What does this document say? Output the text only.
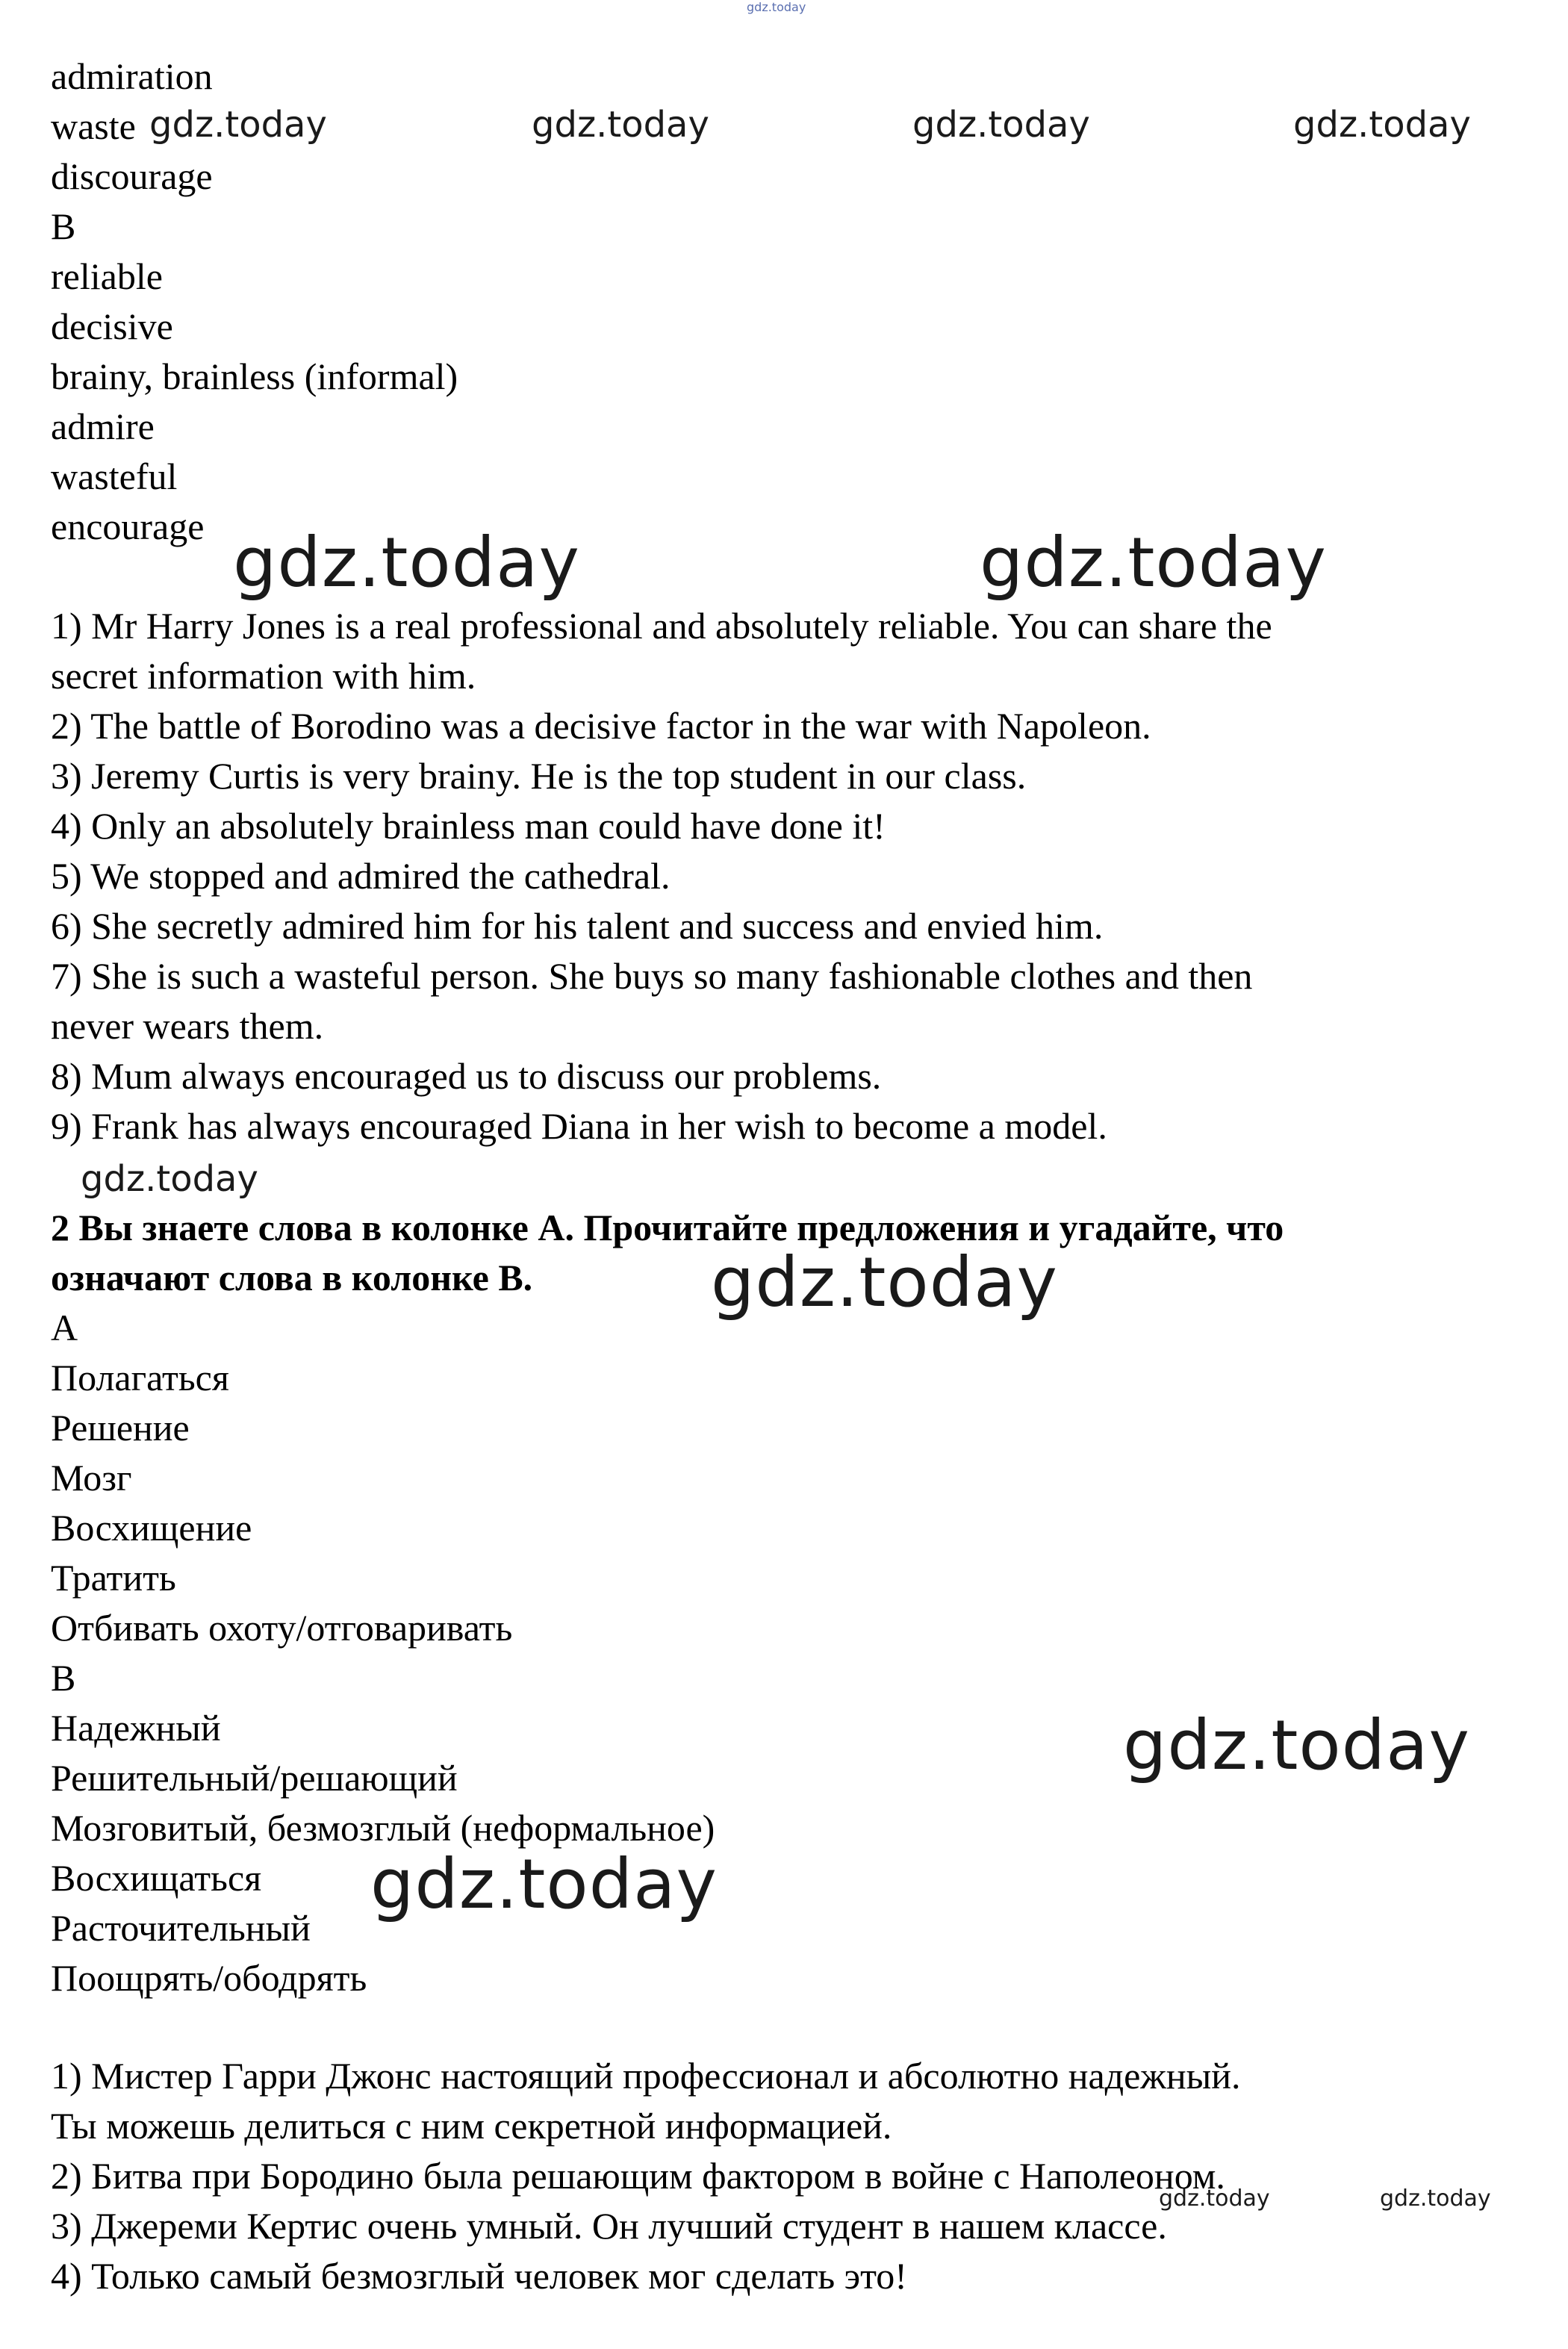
gdz.today

admiration

waste

discourage

gdz.today	gdz.today	gdz.today	gdz.today

B

reliable

decisive

brainy, brainless (informal)

admire

wasteful

encourage gdz.today	gdz.today

1) Mr Harry Jones is a real professional and absolutely reliable. You can share the

secret information with him.

2) The battle of Borodino was a decisive factor in the war with Napoleon.

3) Jeremy Curtis is very brainy. He is the top student in our class.

4) Only an absolutely brainless man could have done it!

5) We stopped and admired the cathedral.

6) She secretly admired him for his talent and success and envied him.

7) She is such a wasteful person. She buys so many fashionable clothes and then

never wears them.

8) Mum always encouraged us to discuss our problems.

9) Frank has always encouraged Diana in her wish to become a model.

gdz.today

2 Вы знаете слова в колонке А. Прочитайте предложения и угадайте, что

означают слова в колонке В.	gdz.today

А

Полагаться

Решение

Мозг

Восхищение

Тратить

Отбивать охоту/отговаривать

В

Надежный

Решительный/решающий

Мозговитый, безмозглый (неформальное)

Восхищаться

Расточительный

Поощрять/ободрять

gdz.today
gdz.today

1) Мистер Гарри Джонс настоящий профессионал и абсолютно надежный.

Ты можешь делиться с ним секретной информацией.

2) Битва при Бородино была решающим фактором в войне с Наполеоном.

3) Джереми Кертис очень умный. Он лучший студент в нашем классе.

4) Только самый безмозглый человек мог сделать это!

gdz.today	gdz.today
